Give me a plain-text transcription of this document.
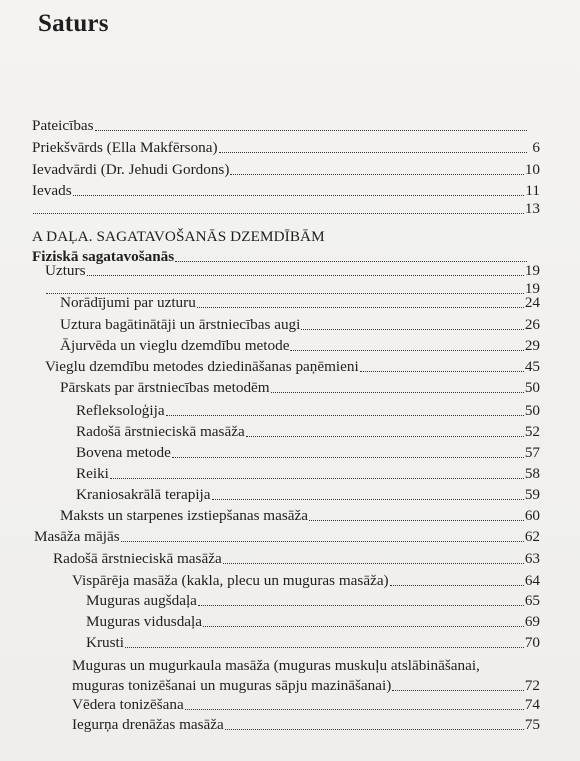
Saturs
Pateicības
Priekšvārds (Ella Makfērsona)	6
Ievadvārdi (Dr. Jehudi Gordons)	10
Ievads	11
13
A DAĻA. SAGATAVOŠANĀS DZEMDĪBĀM
Fiziskā sagatavošanās
Uzturs	19
19
Norādījumi par uzturu	24
Uztura bagātinātāji un ārstniecības augi	26
Ājurvēda un vieglu dzemdību metode	29
Vieglu dzemdību metodes dziedināšanas paņēmieni	45
Pārskats par ārstniecības metodēm	50
Refleksoloģija	50
Radošā ārstnieciskā masāža	52
Bovena metode	57
Reiki	58
Kraniosakrālā terapija	59
Maksts un starpenes izstiepšanas masāža	60
Masāža mājās	62
Radošā ārstnieciskā masāža	63
Vispārēja masāža (kakla, plecu un muguras masāža)	64
Muguras augšdaļa	65
Muguras vidusdaļa	69
Krusti	70
Muguras un mugurkaula masāža (muguras muskuļu atslābināšanai,
muguras tonizēšanai un muguras sāpju mazināšanai)	72
Vēdera tonizēšana	74
Iegurņa drenāžas masāža	75
